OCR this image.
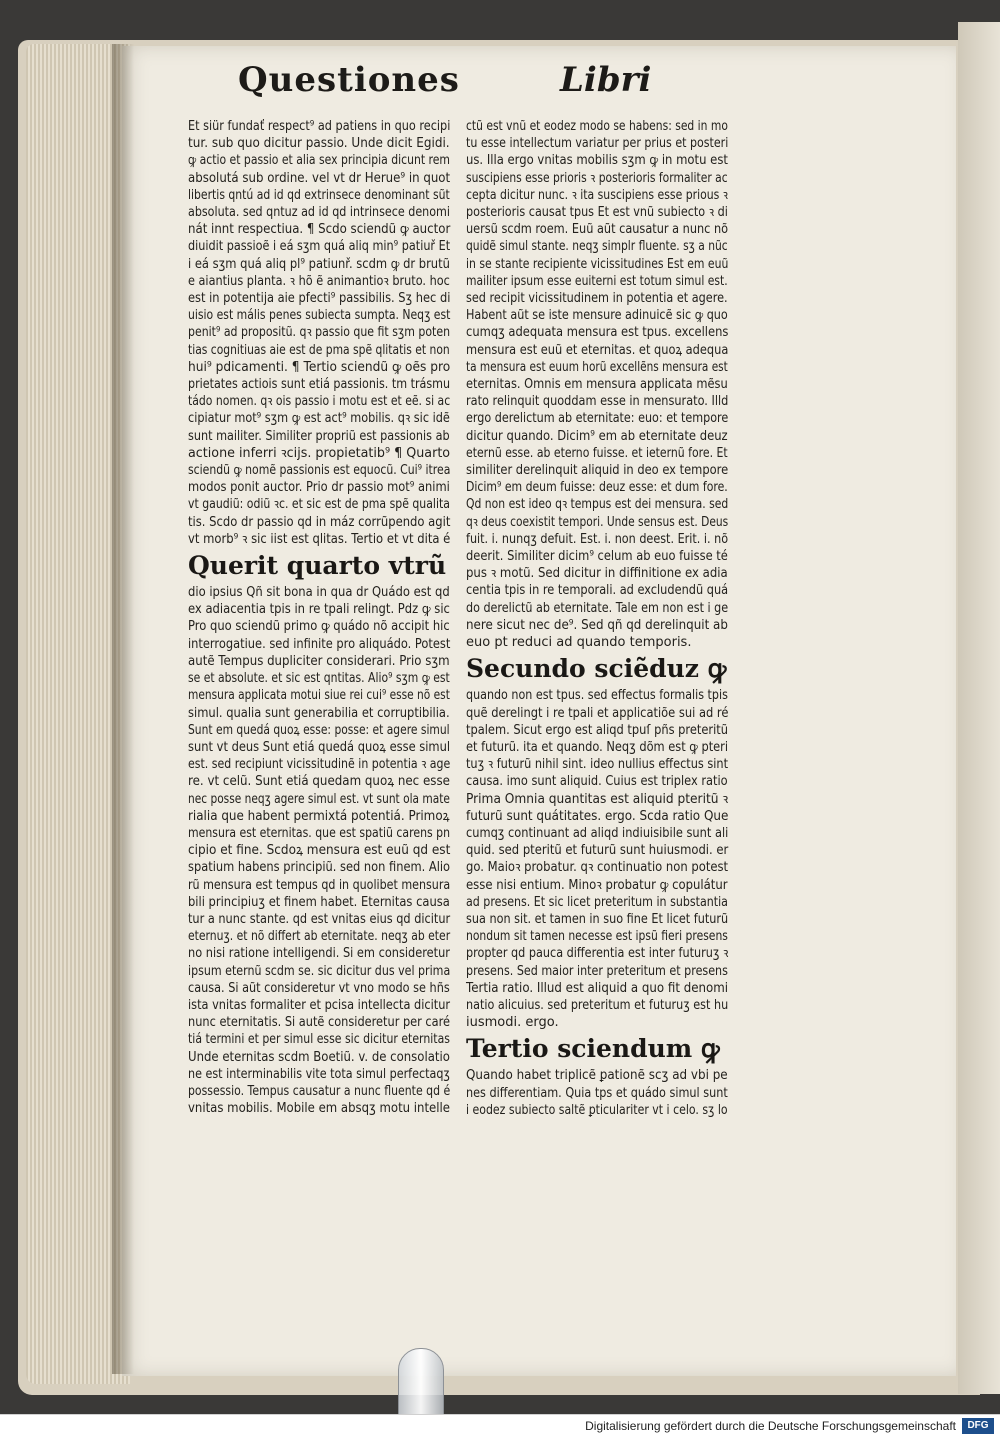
Questiones	Libri
Et siür fundať respect⁹ ad patiens in quo recipi
tur. sub quo dicitur passio. Unde dicit Egidi.
ꝙ actio et passio et alia sex principia dicunt rem
absolutá sub ordine. vel vt dr Herue⁹ in quot
libertis qntú ad id qd extrinsece denominant sũt
absoluta. sed qntuz ad id qd intrinsece denomi
nát innt respectiua. ¶ Scdo sciendũ ꝙ auctor
diuidit passioẽ i eá sʒm quá aliq min⁹ patiuř Et
i eá sʒm quá aliq pl⁹ patiunř. scdm ꝙ dr brutũ
e aiantius planta. ꝛ hõ ẽ animantioꝛ bruto. hoc
est in potentija aie pfecti⁹ passibilis. Sʒ hec di
uisio est mális penes subiecta sumpta. Neqʒ est
penit⁹ ad propositũ. qꝛ passio que fit sʒm poten
tias cognitiuas aie est de pma spẽ qlitatis et non
hui⁹ pdicamenti. ¶ Tertio sciendũ ꝙ oẽs pro
prietates actiois sunt etiá passionis. tm trásmu
tádo nomen. qꝛ ois passio i motu est et eẽ. si ac
cipiatur mot⁹ sʒm ꝙ est act⁹ mobilis. qꝛ sic idẽ
sunt mailiter. Similiter propriũ est passionis ab
actione inferri ꝛcijs. propietatib⁹ ¶ Quarto
sciendũ ꝙ nomẽ passionis est equocũ. Cui⁹ itrea
modos ponit auctor. Prio dr passio mot⁹ animi
vt gaudiũ: odiũ ꝛc. et sic est de pma spẽ qualita
tis. Scdo dr passio qd in máz corrũpendo agit
vt morb⁹ ꝛ sic iist est qlitas. Tertio et vt dita é
Querit quarto vtrũ
dio ipsius Qñ sit bona in qua dr Quádo est qd
ex adiacentia tpis in re tpali relingt. Pdz ꝙ sic
Pro quo sciendũ primo ꝙ quádo nõ accipit hic
interrogatiue. sed infinite pro aliquádo. Potest
autẽ Tempus dupliciter considerari. Prio sʒm
se et absolute. et sic est qntitas. Alio⁹ sʒm ꝙ est
mensura applicata motui siue rei cui⁹ esse nõ est
simul. qualia sunt generabilia et corruptibilia.
Sunt em quedá quoꝝ esse: posse: et agere simul
sunt vt deus Sunt etiá quedá quoꝝ esse simul
est. sed recipiunt vicissitudinẽ in potentia ꝛ age
re. vt celũ. Sunt etiá quedam quoꝝ nec esse
nec posse neqʒ agere simul est. vt sunt ola mate
rialia que habent permixtá potentiá. Primoꝝ
mensura est eternitas. que est spatiũ carens pn
cipio et fine. Scdoꝝ mensura est euũ qd est
spatium habens principiũ. sed non finem. Alio
rũ mensura est tempus qd in quolibet mensura
bili principiuʒ et finem habet. Eternitas causa
tur a nunc stante. qd est vnitas eius qd dicitur
eternuʒ. et nõ differt ab eternitate. neqʒ ab eter
no nisi ratione intelligendi. Si em consideretur
ipsum eternũ scdm se. sic dicitur dus vel prima
causa. Si aũt consideretur vt vno modo se hñs
ista vnitas formaliter et pcisa intellecta dicitur
nunc eternitatis. Si autẽ consideretur per caré
tiá termini et per simul esse sic dicitur eternitas
Unde eternitas scdm Boetiũ. v. de consolatio
ne est interminabilis vite tota simul perfectaqʒ
possessio. Tempus causatur a nunc fluente qd é
vnitas mobilis. Mobile em absqʒ motu intelle
ctũ est vnũ et eodez modo se habens: sed in mo
tu esse intellectum variatur per prius et posteri
us. Illa ergo vnitas mobilis sʒm ꝙ in motu est
suscipiens esse prioris ꝛ posterioris formaliter ac
cepta dicitur nunc. ꝛ ita suscipiens esse prious ꝛ
posterioris causat tpus Et est vnũ subiecto ꝛ di
uersũ scdm roem. Euũ aũt causatur a nunc nõ
quidẽ simul stante. neqʒ simplr fluente. sʒ a nũc
in se stante recipiente vicissitudines Est em euũ
mailiter ipsum esse euiterni est totum simul est.
sed recipit vicissitudinem in potentia et agere.
Habent aũt se iste mensure adinuicẽ sic ꝙ quo
cumqʒ adequata mensura est tpus. excellens
mensura est euũ et eternitas. et quoꝝ adequa
ta mensura est euum horũ excellẽns mensura est
eternitas. Omnis em mensura applicata mẽsu
rato relinquit quoddam esse in mensurato. Illd
ergo derelictum ab eternitate: euo: et tempore
dicitur quando. Dicim⁹ em ab eternitate deuz
eternũ esse. ab eterno fuisse. et ieternũ fore. Et
similiter derelinquit aliquid in deo ex tempore
Dicim⁹ em deum fuisse: deuz esse: et dum fore.
Qd non est ideo qꝛ tempus est dei mensura. sed
qꝛ deus coexistit tempori. Unde sensus est. Deus
fuit. i. nunqʒ defuit. Est. i. non deest. Erit. i. nõ
deerit. Similiter dicim⁹ celum ab euo fuisse té
pus ꝛ motũ. Sed dicitur in diffinitione ex adia
centia tpis in re temporali. ad excludendũ quá
do derelictũ ab eternitate. Tale em non est i ge
nere sicut nec de⁹. Sed qñ qd derelinquit ab
euo pt reduci ad quando temporis.
Secundo sciẽduz ꝙ
quando non est tpus. sed effectus formalis tpis
quẽ derelingt i re tpali et applicatiõe sui ad ré
tpalem. Sicut ergo est aliqd tpuſ pñs preteritũ
et futurũ. ita et quando. Neqʒ dõm est ꝙ pteri
tuʒ ꝛ futurũ nihil sint. ideo nullius effectus sint
causa. imo sunt aliquid. Cuius est triplex ratio
Prima Omnia quantitas est aliquid pteritũ ꝛ
futurũ sunt quátitates. ergo. Scda ratio Que
cumqʒ continuant ad aliqd indiuisibile sunt ali
quid. sed pteritũ et futurũ sunt huiusmodi. er
go. Maioꝛ probatur. qꝛ continuatio non potest
esse nisi entium. Minoꝛ probatur ꝙ copulátur
ad presens. Et sic licet preteritum in substantia
sua non sit. et tamen in suo fine Et licet futurũ
nondum sit tamen necesse est ipsũ fieri presens
propter qd pauca differentia est inter futuruʒ ꝛ
presens. Sed maior inter preteritum et presens
Tertia ratio. Illud est aliquid a quo fit denomi
natio alicuius. sed preteritum et futuruʒ est hu
iusmodi. ergo.
Tertio sciendum ꝙ
Quando habet triplicẽ ꝑationẽ scʒ ad vbi pe
nes differentiam. Quia tps et quádo simul sunt
i eodez subiecto saltẽ ꝑticulariter vt i celo. sʒ lo
Digitalisierung gefördert durch die Deutsche Forschungsgemeinschaft	DFG
